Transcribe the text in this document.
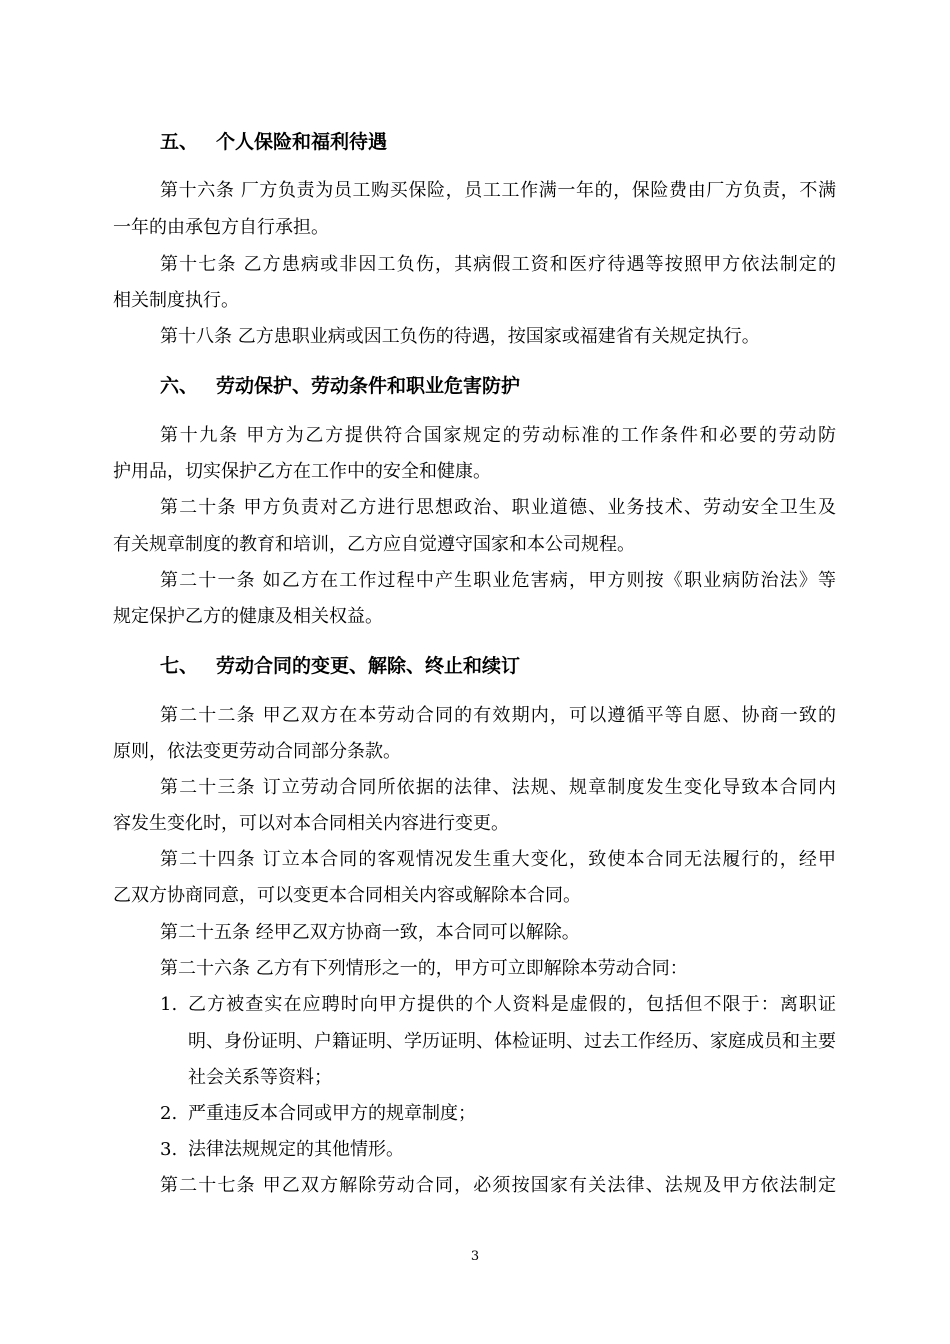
五、 个人保险和福利待遇
第十六条 厂方负责为员工购买保险，员工工作满一年的，保险费由厂方负责，不满
一年的由承包方自行承担。
第十七条 乙方患病或非因工负伤，其病假工资和医疗待遇等按照甲方依法制定的
相关制度执行。
第十八条 乙方患职业病或因工负伤的待遇，按国家或福建省有关规定执行。
六、 劳动保护、劳动条件和职业危害防护
第十九条 甲方为乙方提供符合国家规定的劳动标准的工作条件和必要的劳动防
护用品，切实保护乙方在工作中的安全和健康。
第二十条 甲方负责对乙方进行思想政治、职业道德、业务技术、劳动安全卫生及
有关规章制度的教育和培训，乙方应自觉遵守国家和本公司规程。
第二十一条 如乙方在工作过程中产生职业危害病，甲方则按《职业病防治法》等
规定保护乙方的健康及相关权益。
七、 劳动合同的变更、解除、终止和续订
第二十二条 甲乙双方在本劳动合同的有效期内，可以遵循平等自愿、协商一致的
原则，依法变更劳动合同部分条款。
第二十三条 订立劳动合同所依据的法律、法规、规章制度发生变化导致本合同内
容发生变化时，可以对本合同相关内容进行变更。
第二十四条 订立本合同的客观情况发生重大变化，致使本合同无法履行的，经甲
乙双方协商同意，可以变更本合同相关内容或解除本合同。
第二十五条 经甲乙双方协商一致，本合同可以解除。
第二十六条 乙方有下列情形之一的，甲方可立即解除本劳动合同：
1. 乙方被查实在应聘时向甲方提供的个人资料是虚假的，包括但不限于：离职证
明、身份证明、户籍证明、学历证明、体检证明、过去工作经历、家庭成员和主要
社会关系等资料；
2. 严重违反本合同或甲方的规章制度；
3. 法律法规规定的其他情形。
第二十七条 甲乙双方解除劳动合同，必须按国家有关法律、法规及甲方依法制定
3
